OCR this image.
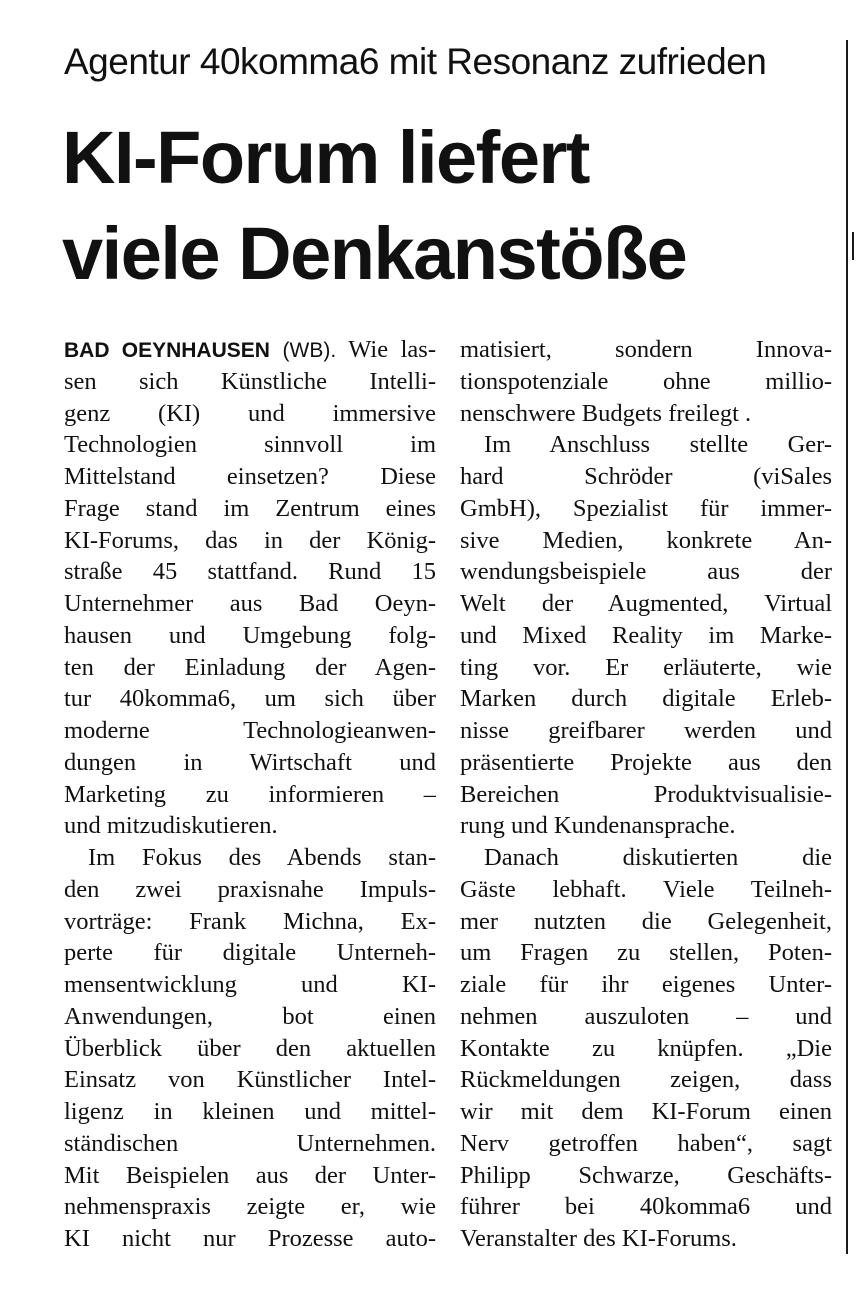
Agentur 40komma6 mit Resonanz zufrieden
KI-Forum liefert
viele Denkanstöße
BAD OEYNHAUSEN (WB). Wie las-
sen sich Künstliche Intelli-
genz (KI) und immersive
Technologien sinnvoll im
Mittelstand einsetzen? Diese
Frage stand im Zentrum eines
KI-Forums, das in der König-
straße 45 stattfand. Rund 15
Unternehmer aus Bad Oeyn-
hausen und Umgebung folg-
ten der Einladung der Agen-
tur 40komma6, um sich über
moderne Technologieanwen-
dungen in Wirtschaft und
Marketing zu informieren –
und mitzudiskutieren.
Im Fokus des Abends stan-
den zwei praxisnahe Impuls-
vorträge: Frank Michna, Ex-
perte für digitale Unterneh-
mensentwicklung und KI-
Anwendungen, bot einen
Überblick über den aktuellen
Einsatz von Künstlicher Intel-
ligenz in kleinen und mittel-
ständischen Unternehmen.
Mit Beispielen aus der Unter-
nehmenspraxis zeigte er, wie
KI nicht nur Prozesse auto-
matisiert, sondern Innova-
tionspotenziale ohne millio-
nenschwere Budgets freilegt .
Im Anschluss stellte Ger-
hard Schröder (viSales
GmbH), Spezialist für immer-
sive Medien, konkrete An-
wendungsbeispiele aus der
Welt der Augmented, Virtual
und Mixed Reality im Marke-
ting vor. Er erläuterte, wie
Marken durch digitale Erleb-
nisse greifbarer werden und
präsentierte Projekte aus den
Bereichen Produktvisualisie-
rung und Kundenansprache.
Danach diskutierten die
Gäste lebhaft. Viele Teilneh-
mer nutzten die Gelegenheit,
um Fragen zu stellen, Poten-
ziale für ihr eigenes Unter-
nehmen auszuloten – und
Kontakte zu knüpfen. „Die
Rückmeldungen zeigen, dass
wir mit dem KI-Forum einen
Nerv getroffen haben“, sagt
Philipp Schwarze, Geschäfts-
führer bei 40komma6 und
Veranstalter des KI-Forums.
